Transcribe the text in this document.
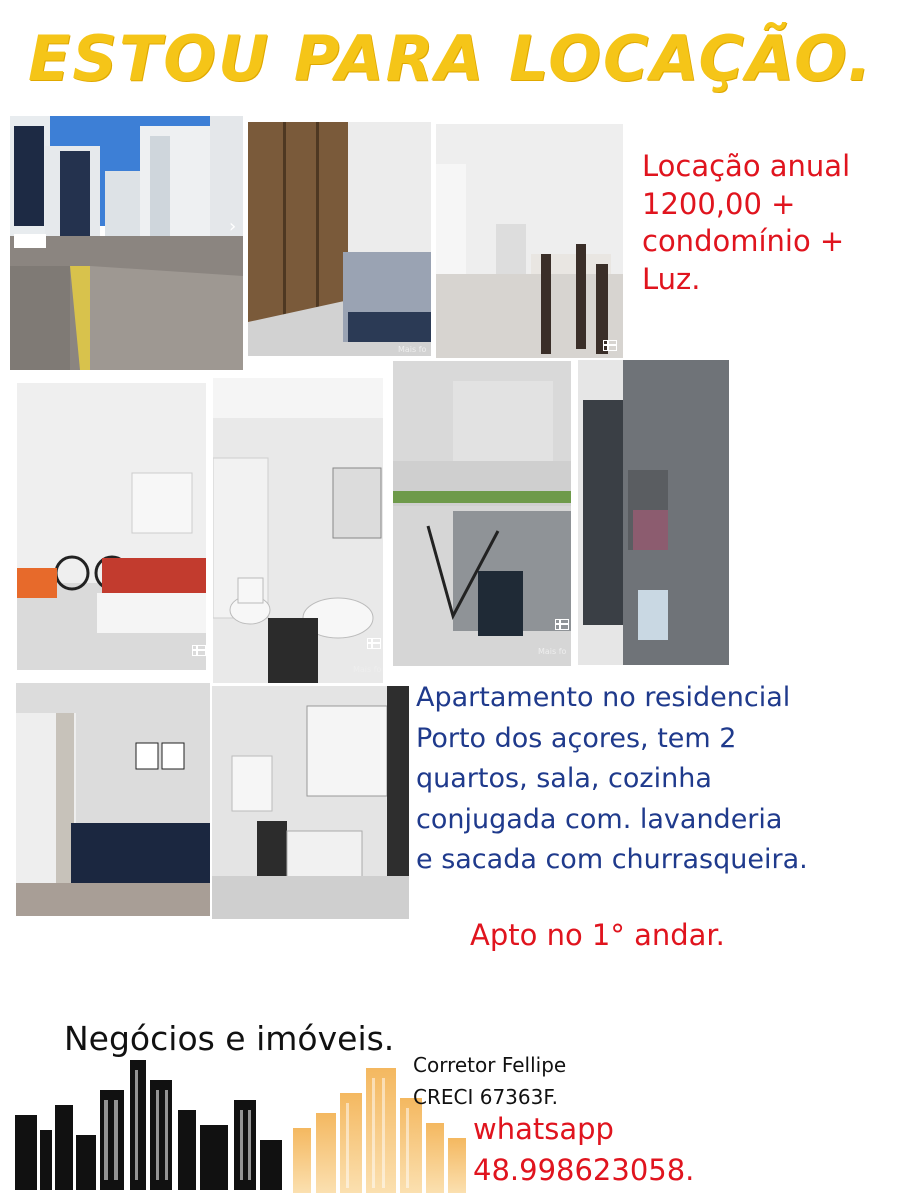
ESTOU PARA LOCAÇÃO.
›
Mais fo
Locação anual
1200,00 +
condomínio +
Luz.
Mais fo
Mais fo
Apartamento no residencial
Porto dos açores, tem 2
quartos, sala, cozinha
conjugada com. lavanderia
e sacada com churrasqueira.
Apto no 1° andar.
Negócios e imóveis.
Corretor Fellipe
CRECI 67363F.
whatsapp
48.998623058.
